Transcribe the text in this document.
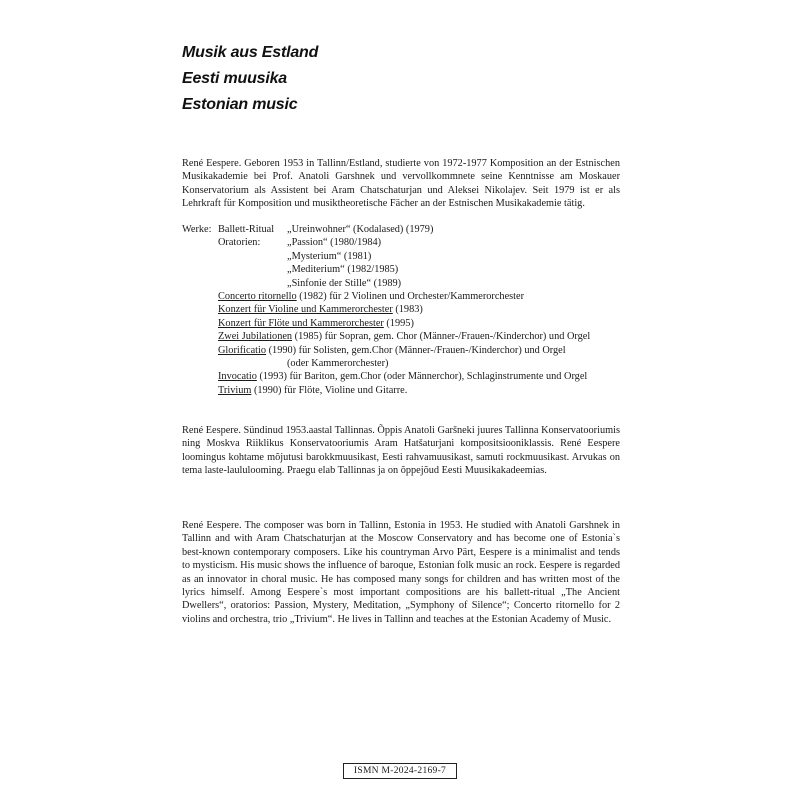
Musik aus Estland
Eesti muusika
Estonian music
René Eespere. Geboren 1953 in Tallinn/Estland, studierte von 1972-1977 Komposition an der Estnischen Musikakademie bei Prof. Anatoli Garshnek und vervollkommnete seine Kenntnisse am Moskauer Konservatorium als Assistent bei Aram Chatschaturjan und Aleksei Nikolajev. Seit 1979 ist er als Lehrkraft für Komposition und musiktheoretische Fächer an der Estnischen Musikakademie tätig.
Werke: Ballett-Ritual „Ureinwohner“ (Kodalased) (1979)
Oratorien:	„Passion“ (1980/1984)
„Mysterium“ (1981)
„Mediterium“ (1982/1985)
„Sinfonie der Stille“ (1989)
Concerto ritornello (1982) für 2 Violinen und Orchester/Kammerorchester
Konzert für Violine und Kammerorchester (1983)
Konzert für Flöte und Kammerorchester (1995)
Zwei Jubilationen (1985) für Sopran, gem. Chor (Männer-/Frauen-/Kinderchor) und Orgel
Glorificatio (1990) für Solisten, gem.Chor (Männer-/Frauen-/Kinderchor) und Orgel
(oder Kammerorchester)
Invocatio (1993) für Bariton, gem.Chor (oder Männerchor), Schlaginstrumente und Orgel
Trivium (1990) für Flöte, Violine und Gitarre.
René Eespere. Sündinud 1953.aastal Tallinnas. Õppis Anatoli Garšneki juures Tallinna Konservatooriumis ning Moskva Riiklikus Konservatooriumis Aram Hatšaturjani kompositsiooniklassis. René Eespere loomingus kohtame mõjutusi barokkmuusikast, Eesti rahvamuusikast, samuti rockmuusikast. Arvukas on tema laste-laululooming. Praegu elab Tallinnas ja on õppejõud Eesti Muusikakadeemias.
René Eespere. The composer was born in Tallinn, Estonia in 1953. He studied with Anatoli Garshnek in Tallinn and with Aram Chatschaturjan at the Moscow Conservatory and has become one of Estonia`s best-known contemporary composers. Like his countryman Arvo Pärt, Eespere is a minimalist and tends to mysticism. His music shows the influence of baroque, Estonian folk music an rock. Eespere is regarded as an innovator in choral music. He has composed many songs for children and has written most of the lyrics himself. Among Eespere`s most important compositions are his ballett-ritual „The Ancient Dwellers“, oratorios: Passion, Mystery, Meditation, „Symphony of Silence“; Concerto ritornello for 2 violins and orchestra, trio „Trivium“. He lives in Tallinn and teaches at the Estonian Academy of Music.
ISMN M-2024-2169-7
